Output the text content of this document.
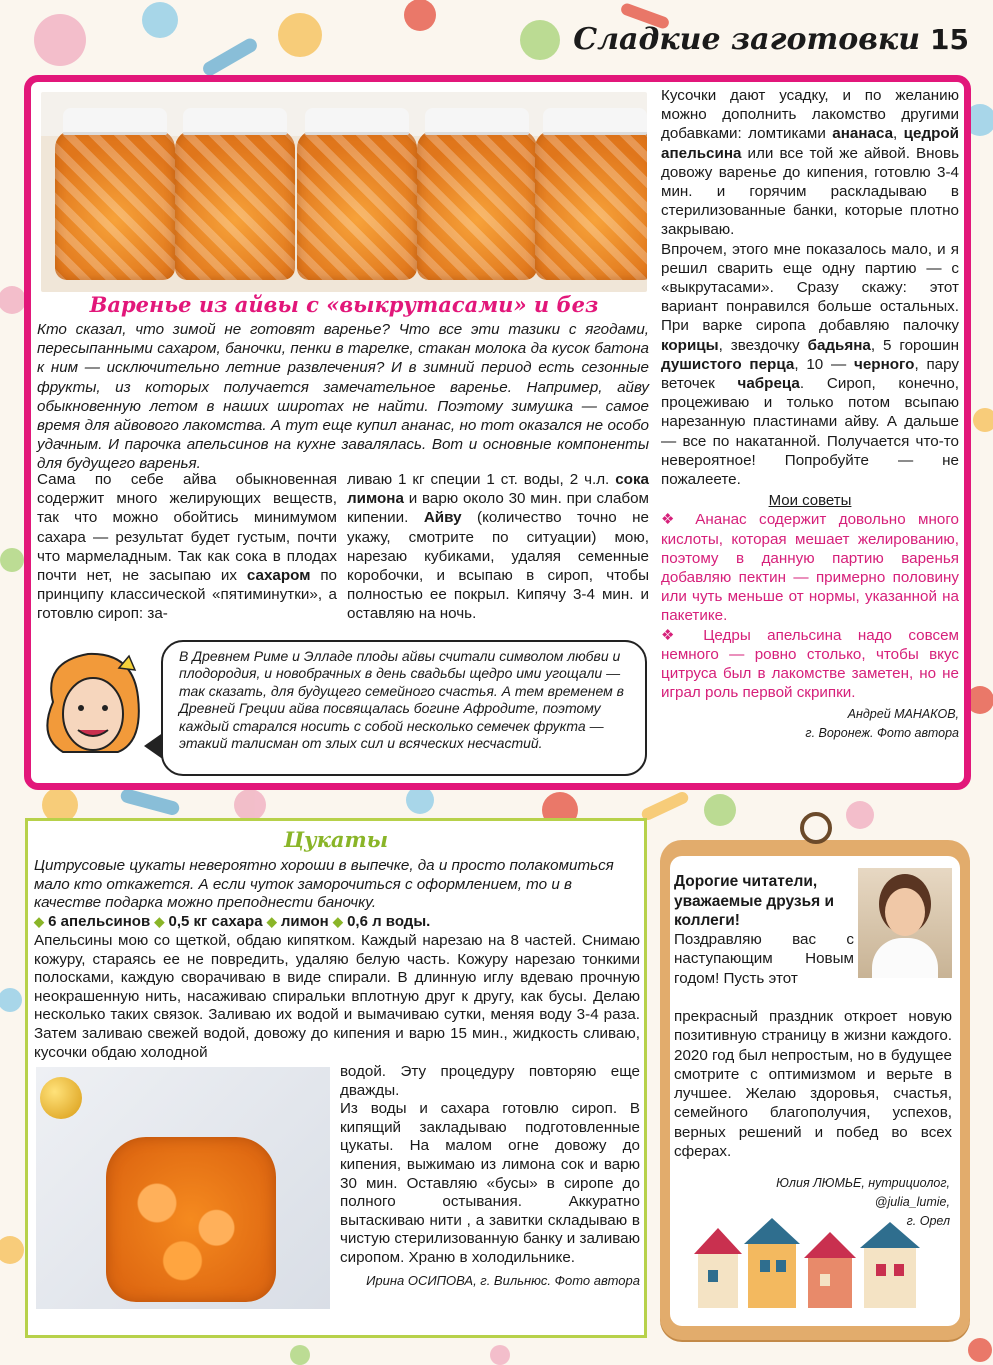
Сладкие заготовки 15
Варенье из айвы с «выкрутасами» и без
Кто сказал, что зимой не готовят варенье? Что все эти тазики с ягодами, пересыпанными сахаром, баночки, пенки в тарелке, стакан молока да кусок батона к ним — исключительно летние развлечения? И в зимний период есть сезонные фрукты, из которых получается замечательное варенье. Например, айву обыкновенную летом в наших широтах не найти. Поэтому зимушка — самое время для айвового лакомства. А тут еще купил ананас, но тот оказался не особо удачным. И парочка апельсинов на кухне завалялась. Вот и основные компоненты для будущего варенья.
Сама по себе айва обыкновенная содержит много желирующих веществ, так что можно обойтись минимумом сахара — результат будет густым, почти что мармеладным. Так как сока в плодах почти нет, не засыпаю их сахаром по принципу классической «пятиминутки», а готовлю сироп: за-
ливаю 1 кг специи 1 ст. воды, 2 ч.л. сока лимона и варю около 30 мин. при слабом кипении. Айву (количество точно не укажу, смотрите по ситуации) мою, нарезаю кубиками, удаляя семенные коробочки, и всыпаю в сироп, чтобы полностью ее покрыл. Кипячу 3-4 мин. и оставляю на ночь.

Кусочки дают усадку, и по желанию можно дополнить лакомство другими добавками: ломтиками ананаса, цедрой апельсина или все той же айвой. Вновь довожу варенье до кипения, готовлю 3-4 мин. и горячим раскладываю в стерилизованные банки, которые плотно закрываю.

Впрочем, этого мне показалось мало, и я решил сварить еще одну партию — с «выкрутасами». Сразу скажу: этот вариант понравился больше остальных. При варке сиропа добавляю палочку корицы, звездочку бадьяна, 5 горошин душистого перца, 10 — черного, пару веточек чабреца. Сироп, конечно, процеживаю и только потом всыпаю нарезанную пластинами айву. А дальше — все по накатанной. Получается что-то невероятное! Попробуйте — не пожалеете.

Мои советы

❖ Ананас содержит довольно много кислоты, которая мешает желированию, поэтому в данную партию варенья добавляю пектин — примерно половину или чуть меньше от нормы, указанной на пакетике.

❖ Цедры апельсина надо совсем немного — ровно столько, чтобы вкус цитруса был в лакомстве заметен, но не играл роль первой скрипки.

Андрей МАНАКОВ,
г. Воронеж. Фото автора
В Древнем Риме и Элладе плоды айвы считали символом любви и плодородия, и новобрачных в день свадьбы щедро ими угощали — так сказать, для будущего семейного счастья. А тем временем в Древней Греции айва посвящалась богине Афродите, поэтому каждый старался носить с собой несколько семечек фрукта — этакий талисман от злых сил и всяческих несчастий.
Цукаты
Цитрусовые цукаты невероятно хороши в выпечке, да и просто полакомиться мало кто откажется. А если чуток заморочиться с оформлением, то и в качестве подарка можно преподнести баночку.
◆ 6 апельсинов ◆ 0,5 кг сахара ◆ лимон ◆ 0,6 л воды.
Апельсины мою со щеткой, обдаю кипятком. Каждый нарезаю на 8 частей. Снимаю кожуру, стараясь ее не повредить, удаляю белую часть. Кожуру нарезаю тонкими полосками, каждую сворачиваю в виде спирали. В длинную иглу вдеваю прочную неокрашенную нить, насаживаю спиральки вплотную друг к другу, как бусы. Делаю несколько таких связок. Заливаю их водой и вымачиваю сутки, меняя воду 3-4 раза. Затем заливаю свежей водой, довожу до кипения и варю 15 мин., жидкость сливаю, кусочки обдаю холодной

водой. Эту процедуру повторяю еще дважды.

Из воды и сахара готовлю сироп. В кипящий закладываю подготовленные цукаты. На малом огне довожу до кипения, выжимаю из лимона сок и варю 30 мин. Оставляю «бусы» в сиропе до полного остывания. Аккуратно вытаскиваю нити , а завитки складываю в чистую стерилизованную банку и заливаю сиропом. Храню в холодильнике.

Ирина ОСИПОВА, г. Вильнюс. Фото автора
Дорогие читатели, уважаемые друзья и коллеги!
Поздравляю вас с наступающим Новым годом! Пусть этот
прекрасный праздник откроет новую позитивную страницу в жизни каждого. 2020 год был непростым, но в будущее смотрите с оптимизмом и верьте в лучшее. Желаю здоровья, счастья, семейного благополучия, успехов, верных решений и побед во всех сферах.
Юлия ЛЮМЬЕ, нутрициолог,
@julia_lumie,
г. Орел
